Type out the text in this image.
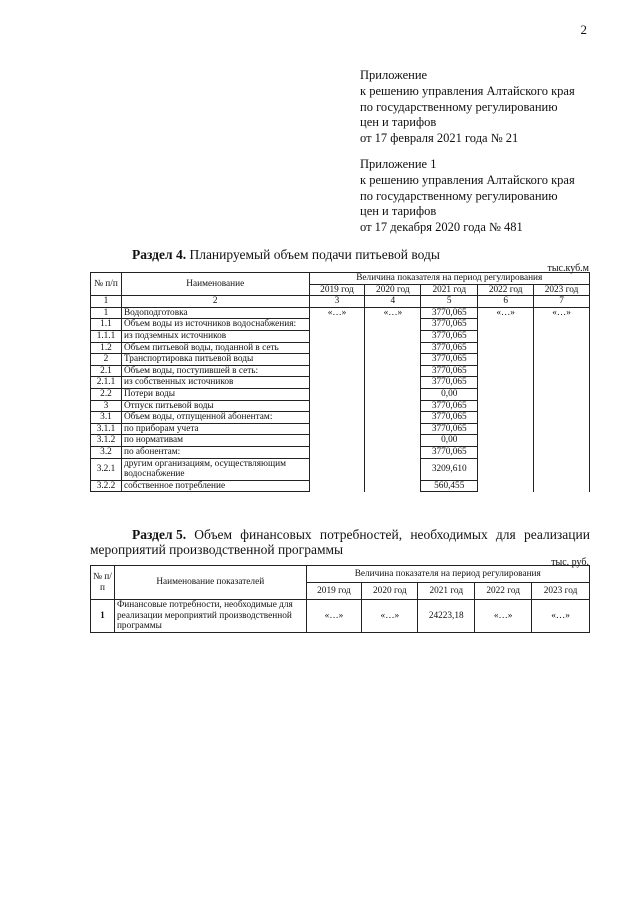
2
Приложение
к решению управления Алтайского края
по государственному регулированию
цен и тарифов
от 17 февраля 2021 года № 21
Приложение 1
к решению управления Алтайского края
по государственному регулированию
цен и тарифов
от 17 декабря 2020 года № 481
Раздел 4. Планируемый объем подачи питьевой воды
тыс.куб.м
№ п/п	Наименование	Величина показателя на период регулирования				
		2019 год	2020 год	2021 год	2022 год	2023 год
1	2	3	4	5	6	7
1	Водоподготовка	«…»	«…»	3770,065	«…»	«…»
1.1	Объем воды из источников водоснабжения:			3770,065		
1.1.1	из подземных источников			3770,065		
1.2	Объем питьевой воды, поданной в сеть			3770,065		
2	Транспортировка питьевой воды			3770,065		
2.1	Объем воды, поступившей в сеть:			3770,065		
2.1.1	из собственных источников			3770,065		
2.2	Потери воды			0,00		
3	Отпуск питьевой воды			3770,065		
3.1	Объем воды, отпущенной абонентам:			3770,065		
3.1.1	по приборам учета			3770,065		
3.1.2	по нормативам			0,00		
3.2	по абонентам:			3770,065		
3.2.1	другим организациям, осуществляющим водоснабжение			3209,610		
3.2.2	собственное потребление			560,455		
Раздел 5. Объем финансовых потребностей, необходимых для реализации
мероприятий производственной программы
тыс. руб.
№ п/ п	Наименование показателей	Величина показателя на период регулирования				
		2019 год	2020 год	2021 год	2022 год	2023 год
1	Финансовые потребности, необходимые для реализации мероприятий производственной программы	«…»	«…»	24223,18	«…»	«…»
